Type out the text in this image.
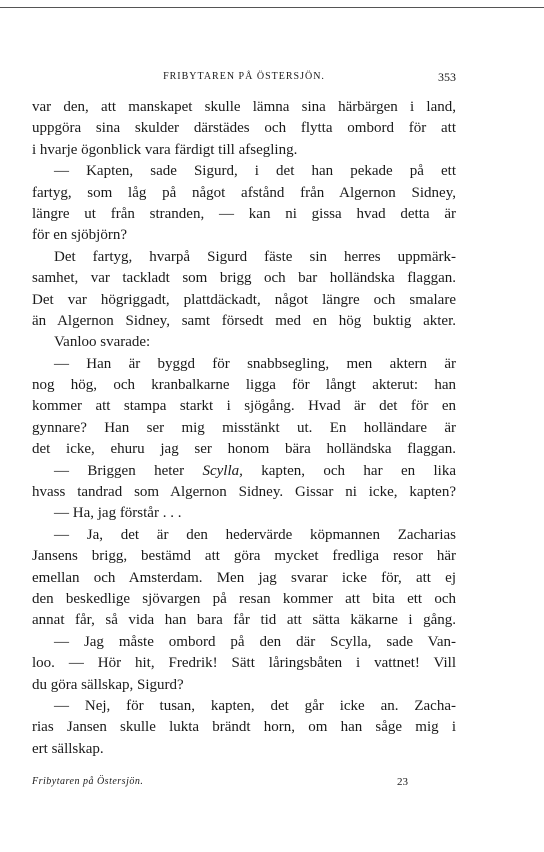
FRIBYTAREN PÅ ÖSTERSJÖN.	353
var den, att manskapet skulle lämna sina härbärgen i land,
uppgöra sina skulder därstädes och flytta ombord för att
i hvarje ögonblick vara färdigt till afsegling.
— Kapten, sade Sigurd, i det han pekade på ett
fartyg, som låg på något afstånd från Algernon Sidney,
längre ut från stranden, — kan ni gissa hvad detta är
för en sjöbjörn?
Det fartyg, hvarpå Sigurd fäste sin herres uppmärk-
samhet, var tackladt som brigg och bar holländska flaggan.
Det var högriggadt, plattdäckadt, något längre och smalare
än Algernon Sidney, samt försedt med en hög buktig akter.
Vanloo svarade:
— Han är byggd för snabbsegling, men aktern är
nog hög, och kranbalkarne ligga för långt akterut: han
kommer att stampa starkt i sjögång. Hvad är det för en
gynnare? Han ser mig misstänkt ut. En holländare är
det icke, ehuru jag ser honom bära holländska flaggan.
— Briggen heter Scylla, kapten, och har en lika
hvass tandrad som Algernon Sidney. Gissar ni icke, kapten?
— Ha, jag förstår . . .
— Ja, det är den hedervärde köpmannen Zacharias
Jansens brigg, bestämd att göra mycket fredliga resor här
emellan och Amsterdam. Men jag svarar icke för, att ej
den beskedlige sjövargen på resan kommer att bita ett och
annat får, så vida han bara får tid att sätta käkarne i gång.
— Jag måste ombord på den där Scylla, sade Van-
loo. — Hör hit, Fredrik! Sätt låringsbåten i vattnet! Vill
du göra sällskap, Sigurd?
— Nej, för tusan, kapten, det går icke an. Zacha-
rias Jansen skulle lukta brändt horn, om han såge mig i
ert sällskap.
Fribytaren på Östersjön.	23
